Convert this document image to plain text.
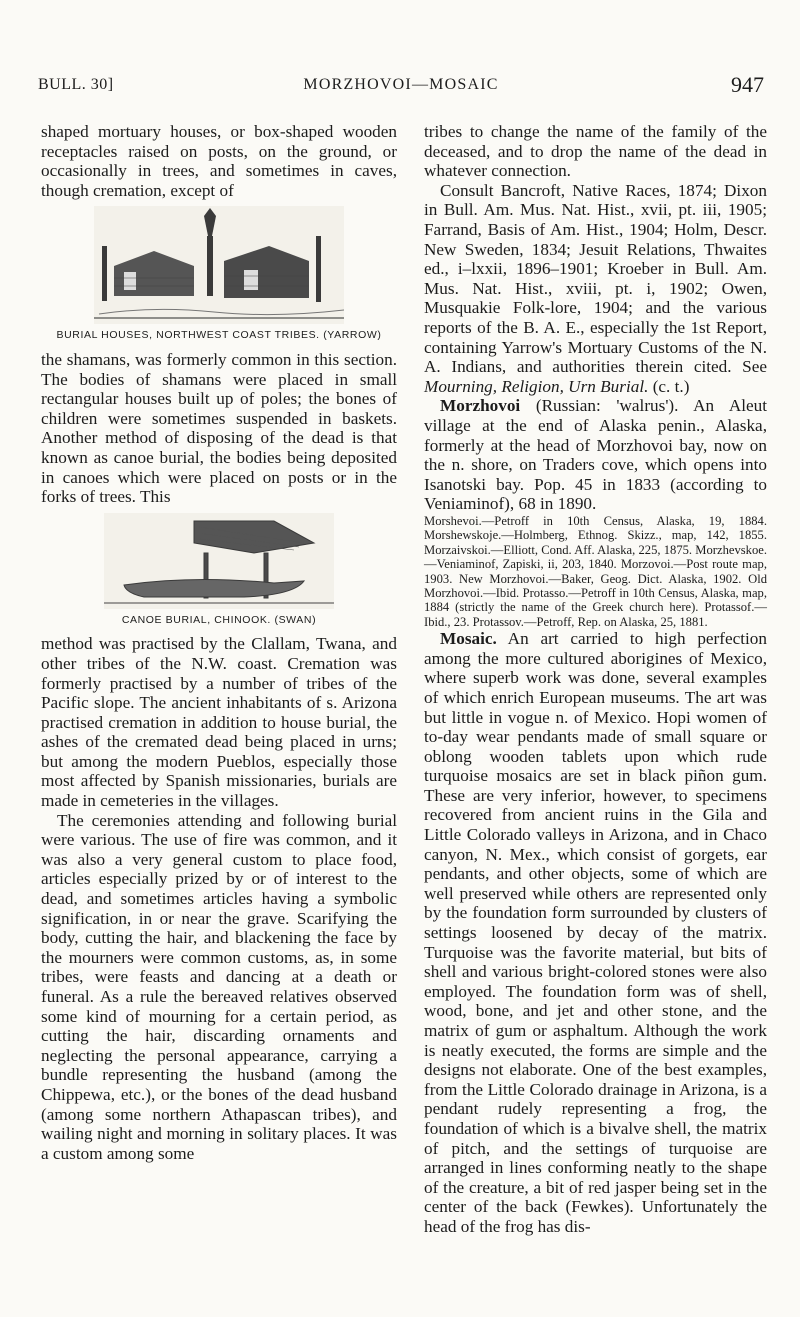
BULL. 30]	MORZHOVOI—MOSAIC	947

shaped mortuary houses, or box-shaped wooden receptacles raised on posts, on the ground, or occasionally in trees, and sometimes in caves, though cremation, except of

BURIAL HOUSES, NORTHWEST COAST TRIBES. (YARROW)

the shamans, was formerly common in this section. The bodies of shamans were placed in small rectangular houses built up of poles; the bones of children were sometimes suspended in baskets. Another method of disposing of the dead is that known as canoe burial, the bodies being deposited in canoes which were placed on posts or in the forks of trees. This

CANOE BURIAL, CHINOOK. (SWAN)

method was practised by the Clallam, Twana, and other tribes of the N.W. coast. Cremation was formerly practised by a number of tribes of the Pacific slope. The ancient inhabitants of s. Arizona practised cremation in addition to house burial, the ashes of the cremated dead being placed in urns; but among the modern Pueblos, especially those most affected by Spanish missionaries, burials are made in cemeteries in the villages.

The ceremonies attending and following burial were various. The use of fire was common, and it was also a very general custom to place food, articles especially prized by or of interest to the dead, and sometimes articles having a symbolic signification, in or near the grave. Scarifying the body, cutting the hair, and blackening the face by the mourners were common customs, as, in some tribes, were feasts and dancing at a death or funeral. As a rule the bereaved relatives observed some kind of mourning for a certain period, as cutting the hair, discarding ornaments and neglecting the personal appearance, carrying a bundle representing the husband (among the Chippewa, etc.), or the bones of the dead husband (among some northern Athapascan tribes), and wailing night and morning in solitary places. It was a custom among some

tribes to change the name of the family of the deceased, and to drop the name of the dead in whatever connection.

Consult Bancroft, Native Races, 1874; Dixon in Bull. Am. Mus. Nat. Hist., xvii, pt. iii, 1905; Farrand, Basis of Am. Hist., 1904; Holm, Descr. New Sweden, 1834; Jesuit Relations, Thwaites ed., i–lxxii, 1896–1901; Kroeber in Bull. Am. Mus. Nat. Hist., xviii, pt. i, 1902; Owen, Musquakie Folk-lore, 1904; and the various reports of the B. A. E., especially the 1st Report, containing Yarrow's Mortuary Customs of the N. A. Indians, and authorities therein cited. See Mourning, Religion, Urn Burial. (c. t.)

Morzhovoi (Russian: 'walrus'). An Aleut village at the end of Alaska penin., Alaska, formerly at the head of Morzhovoi bay, now on the n. shore, on Traders cove, which opens into Isanotski bay. Pop. 45 in 1833 (according to Veniaminof), 68 in 1890.

Morshevoi.—Petroff in 10th Census, Alaska, 19, 1884. Morshewskoje.—Holmberg, Ethnog. Skizz., map, 142, 1855. Morzaivskoi.—Elliott, Cond. Aff. Alaska, 225, 1875. Morzhevskoe.—Veniaminof, Zapiski, ii, 203, 1840. Morzovoi.—Post route map, 1903. New Morzhovoi.—Baker, Geog. Dict. Alaska, 1902. Old Morzhovoi.—Ibid. Protasso.—Petroff in 10th Census, Alaska, map, 1884 (strictly the name of the Greek church here). Protassof.—Ibid., 23. Protassov.—Petroff, Rep. on Alaska, 25, 1881.

Mosaic. An art carried to high perfection among the more cultured aborigines of Mexico, where superb work was done, several examples of which enrich European museums. The art was but little in vogue n. of Mexico. Hopi women of to-day wear pendants made of small square or oblong wooden tablets upon which rude turquoise mosaics are set in black piñon gum. These are very inferior, however, to specimens recovered from ancient ruins in the Gila and Little Colorado valleys in Arizona, and in Chaco canyon, N. Mex., which consist of gorgets, ear pendants, and other objects, some of which are well preserved while others are represented only by the foundation form surrounded by clusters of settings loosened by decay of the matrix. Turquoise was the favorite material, but bits of shell and various bright-colored stones were also employed. The foundation form was of shell, wood, bone, and jet and other stone, and the matrix of gum or asphaltum. Although the work is neatly executed, the forms are simple and the designs not elaborate. One of the best examples, from the Little Colorado drainage in Arizona, is a pendant rudely representing a frog, the foundation of which is a bivalve shell, the matrix of pitch, and the settings of turquoise are arranged in lines conforming neatly to the shape of the creature, a bit of red jasper being set in the center of the back (Fewkes). Unfortunately the head of the frog has dis-
